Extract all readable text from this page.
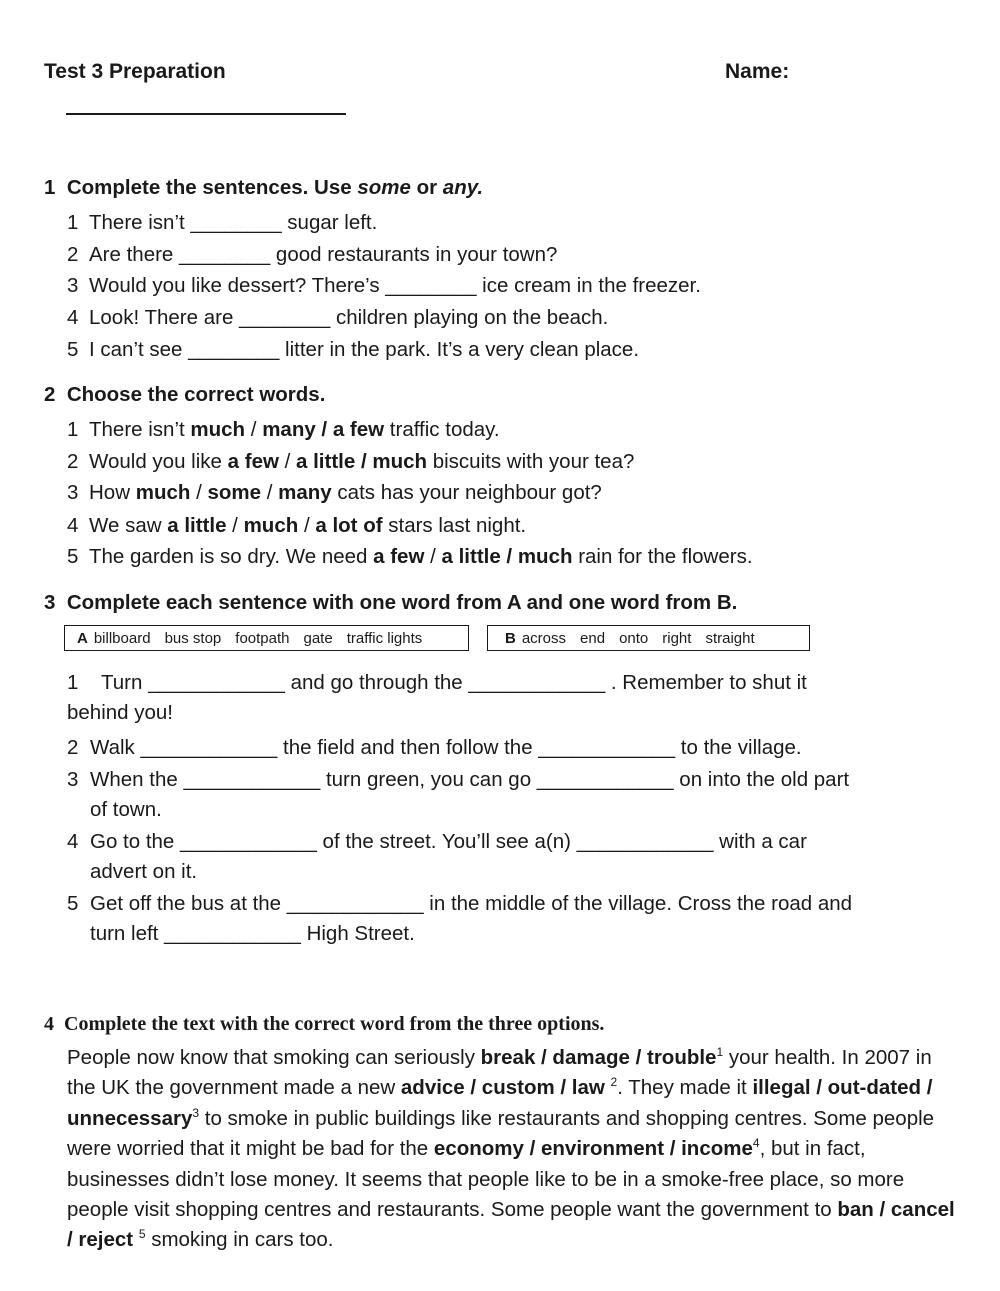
Test 3 Preparation	Name:
1 Complete the sentences. Use some or any.
1 There isn’t ________ sugar left.
2 Are there ________ good restaurants in your town?
3 Would you like dessert? There’s ________ ice cream in the freezer.
4 Look! There are ________ children playing on the beach.
5 I can’t see ________ litter in the park. It’s a very clean place.
2 Choose the correct words.
1 There isn’t much / many / a few traffic today.
2 Would you like a few / a little / much biscuits with your tea?
3 How much / some / many cats has your neighbour got?
4 We saw a little / much / a lot of stars last night.
5 The garden is so dry. We need a few / a little / much rain for the flowers.
3 Complete each sentence with one word from A and one word from B.
A billboard bus stop footpath gate traffic lights	B across end onto right straight
1 Turn ____________ and go through the ____________ . Remember to shut it
behind you!
2 Walk ____________ the field and then follow the ____________ to the village.
3 When the ____________ turn green, you can go ____________ on into the old part
of town.
4 Go to the ____________ of the street. You’ll see a(n) ____________ with a car
advert on it.
5 Get off the bus at the ____________ in the middle of the village. Cross the road and
turn left ____________ High Street.
4 Complete the text with the correct word from the three options.
People now know that smoking can seriously break / damage / trouble$^1$ your health. In 2007 in the UK the government made a new advice / custom / law $^2$. They made it illegal / out-dated / unnecessary$^3$ to smoke in public buildings like restaurants and shopping centres. Some people were worried that it might be bad for the economy / environment / income$^4$, but in fact, businesses didn’t lose money. It seems that people like to be in a smoke-free place, so more people visit shopping centres and restaurants. Some people want the government to ban / cancel / reject $^5$ smoking in cars too.
